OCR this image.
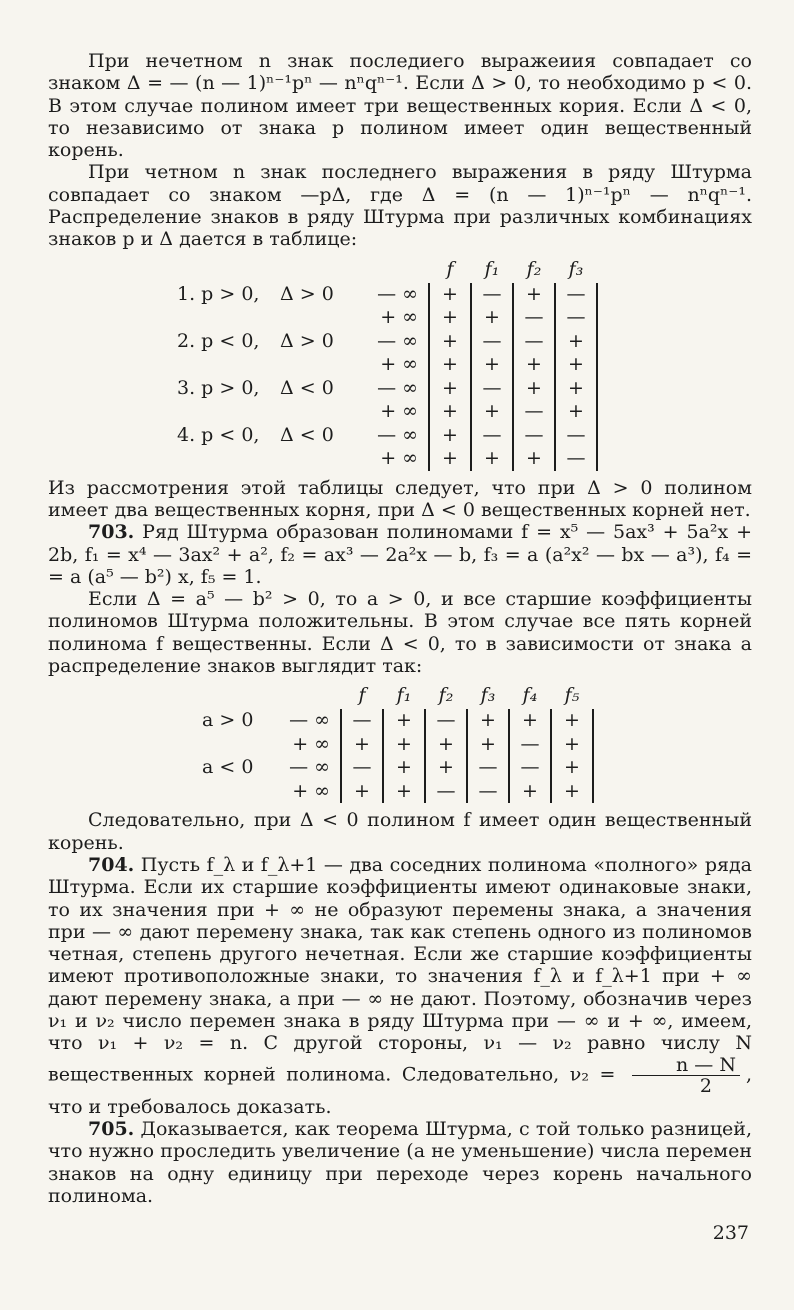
При нечетном n знак последиего выражеиия совпадает со знаком Δ = — (n — 1)ⁿ⁻¹pⁿ — nⁿqⁿ⁻¹. Если Δ > 0, то необходимо p < 0. В этом случае полином имеет три вещественных кория. Если Δ < 0, то независимо от знака p полином имеет один вещественный корень.

При четном n знак последнего выражения в ряду Штурма совпадает со знаком —pΔ, где Δ = (n — 1)ⁿ⁻¹pⁿ — nⁿqⁿ⁻¹. Распределение знаков в ряду Штурма при различных комбинациях знаков p и Δ дается в таблице:

			f	f₁	f₂	f₃
1. p > 0,	Δ > 0	— ∞	+	—	+	—
		+ ∞	+	+	—	—
2. p < 0,	Δ > 0	— ∞	+	—	—	+
		+ ∞	+	+	+	+
3. p > 0,	Δ < 0	— ∞	+	—	+	+
		+ ∞	+	+	—	+
4. p < 0,	Δ < 0	— ∞	+	—	—	—
		+ ∞	+	+	+	—

Из рассмотрения этой таблицы следует, что при Δ > 0 полином имеет два вещественных корня, при Δ < 0 вещественных корней нет.

703. Ряд Штурма образован полиномами f = x⁵ — 5ax³ + 5a²x + 2b, f₁ = x⁴ — 3ax² + a², f₂ = ax³ — 2a²x — b, f₃ = a (a²x² — bx — a³), f₄ = = a (a⁵ — b²) x, f₅ = 1.

Если Δ = a⁵ — b² > 0, то a > 0, и все старшие коэффициенты полиномов Штурма положительны. В этом случае все пять корней полинома f вещественны. Если Δ < 0, то в зависимости от знака a распределение знаков выглядит так:

		f	f₁	f₂	f₃	f₄	f₅
a > 0	— ∞	—	+	—	+	+	+
	+ ∞	+	+	+	+	—	+
a < 0	— ∞	—	+	+	—	—	+
	+ ∞	+	+	—	—	+	+

Следовательно, при Δ < 0 полином f имеет один вещественный корень.

704. Пусть f_λ и f_λ+1 — два соседних полинома «полного» ряда Штурма. Если их старшие коэффициенты имеют одинаковые знаки, то их значения при + ∞ не образуют перемены знака, а значения при — ∞ дают перемену знака, так как степень одного из полиномов четная, степень другого нечетная. Если же старшие коэффициенты имеют противоположные знаки, то значения f_λ и f_λ+1 при + ∞ дают перемену знака, а при — ∞ не дают. Поэтому, обозначив через ν₁ и ν₂ число перемен знака в ряду Штурма при — ∞ и + ∞, имеем, что ν₁ + ν₂ = n. С другой стороны, ν₁ — ν₂ равно числу N вещественных корней полинома. Следовательно, $\nu_2 = \frac{n — N}{2}$ , что и требовалось доказать.

705. Доказывается, как теорема Штурма, с той только разницей, что нужно проследить увеличение (а не уменьшение) числа перемен знаков на одну единицу при переходе через корень начального полинома.

237
